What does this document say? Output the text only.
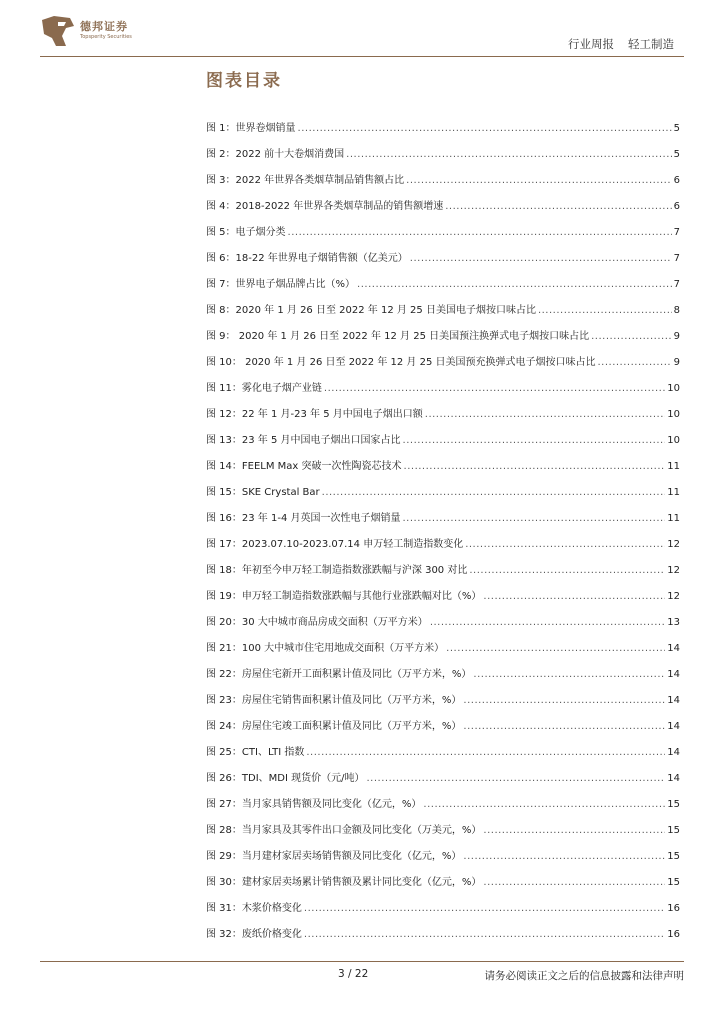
德邦证券
Topsperity Securities	行业周报 轻工制造
图表目录
图 1：世界卷烟销量 .....	5
图 2：2022 前十大卷烟消费国 .....	5
图 3：2022 年世界各类烟草制品销售额占比 .....	6
图 4：2018-2022 年世界各类烟草制品的销售额增速 .....	6
图 5：电子烟分类 .....	7
图 6：18-22 年世界电子烟销售额（亿美元） .....	7
图 7：世界电子烟品牌占比（%） .....	7
图 8：2020 年 1 月 26 日至 2022 年 12 月 25 日美国电子烟按口味占比 .....	8
图 9： 2020 年 1 月 26 日至 2022 年 12 月 25 日美国预注换弹式电子烟按口味占比 .....	9
图 10： 2020 年 1 月 26 日至 2022 年 12 月 25 日美国预充换弹式电子烟按口味占比 .....	9
图 11：雾化电子烟产业链 .....	10
图 12：22 年 1 月-23 年 5 月中国电子烟出口额 .....	10
图 13：23 年 5 月中国电子烟出口国家占比 .....	10
图 14：FEELM Max 突破一次性陶瓷芯技术 .....	11
图 15：SKE Crystal Bar .....	11
图 16：23 年 1-4 月英国一次性电子烟销量 .....	11
图 17：2023.07.10-2023.07.14 申万轻工制造指数变化 .....	12
图 18：年初至今申万轻工制造指数涨跌幅与沪深 300 对比 .....	12
图 19：申万轻工制造指数涨跌幅与其他行业涨跌幅对比（%） .....	12
图 20：30 大中城市商品房成交面积（万平方米） .....	13
图 21：100 大中城市住宅用地成交面积（万平方米） .....	14
图 22：房屋住宅新开工面积累计值及同比（万平方米，%） .....	14
图 23：房屋住宅销售面积累计值及同比（万平方米，%） .....	14
图 24：房屋住宅竣工面积累计值及同比（万平方米，%） .....	14
图 25：CTI、LTI 指数 .....	14
图 26：TDI、MDI 现货价（元/吨） .....	14
图 27：当月家具销售额及同比变化（亿元，%） .....	15
图 28：当月家具及其零件出口金额及同比变化（万美元，%） .....	15
图 29：当月建材家居卖场销售额及同比变化（亿元，%） .....	15
图 30：建材家居卖场累计销售额及累计同比变化（亿元，%） .....	15
图 31：木浆价格变化 .....	16
图 32：废纸价格变化 .....	16
3 / 22	请务必阅读正文之后的信息披露和法律声明
